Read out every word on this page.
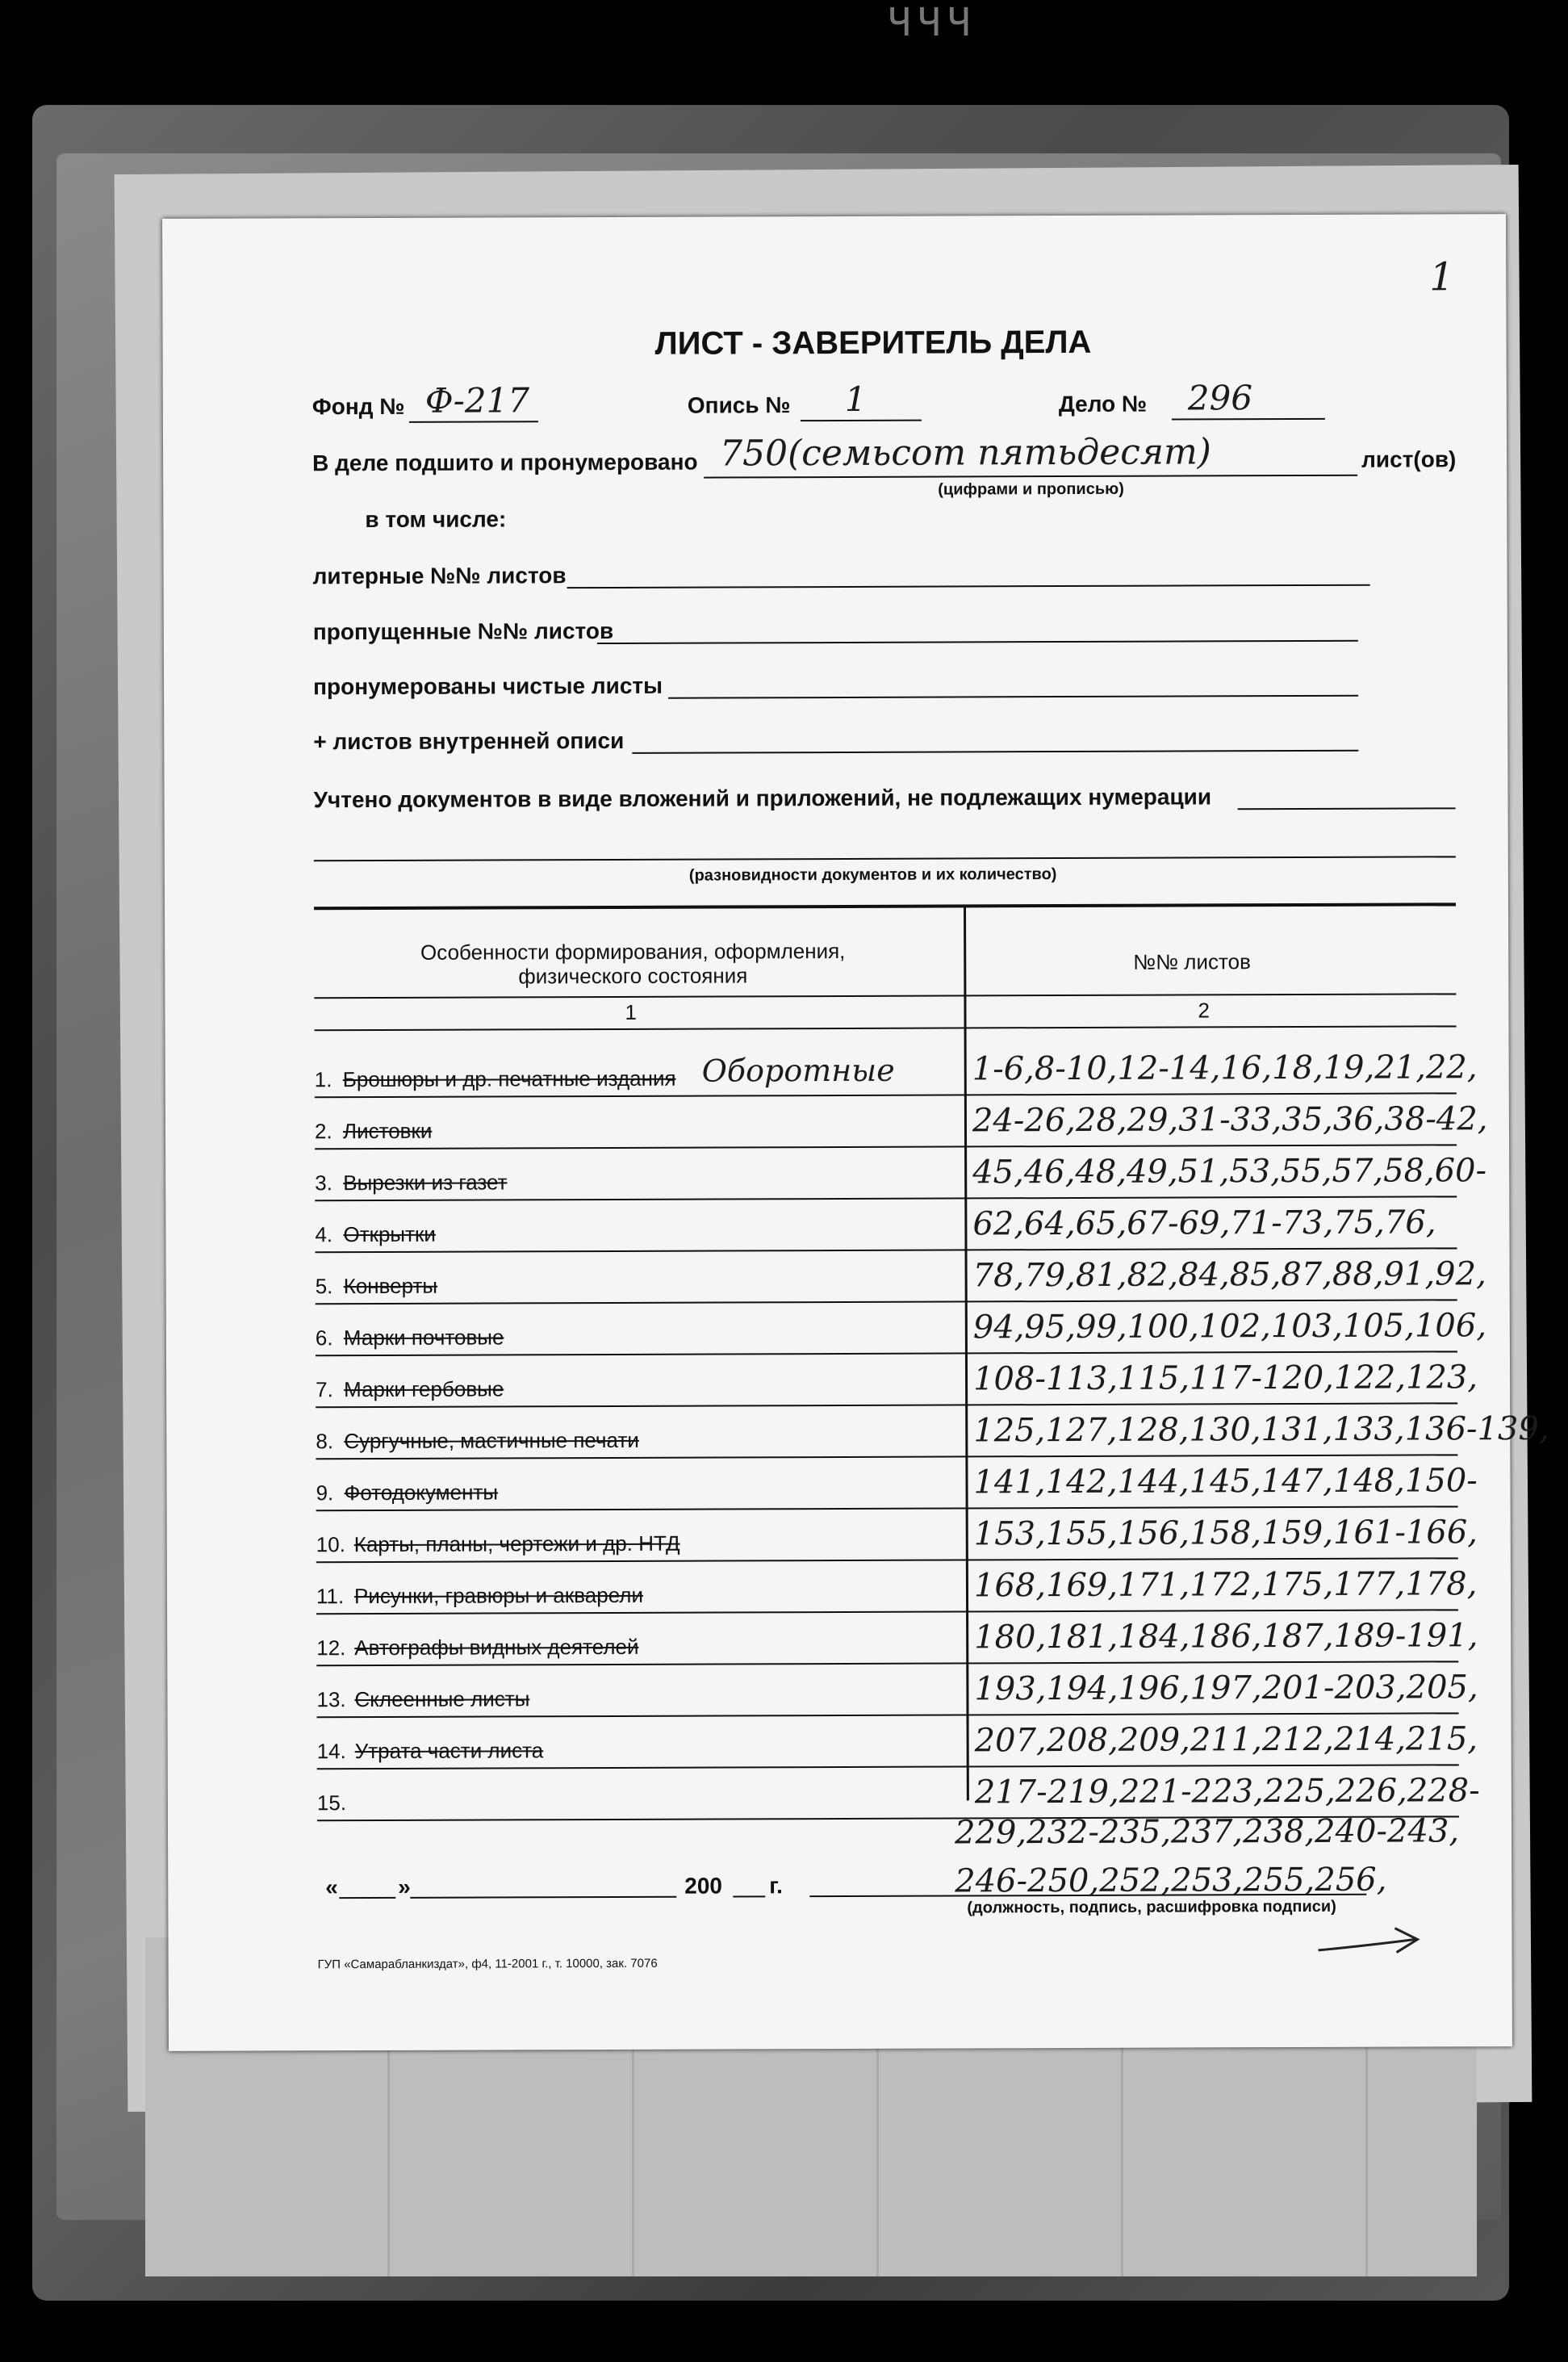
ЧЧЧ
1
ЛИСТ - ЗАВЕРИТЕЛЬ ДЕЛА
Фонд № Ф-217	Опись № 1	Дело № 296
В деле подшито и пронумеровано 750(семьсот пятьдесят)	лист(ов)
(цифрами и прописью)
в том числе:
литерные №№ листов
пропущенные №№ листов
пронумерованы чистые листы
+ листов внутренней описи
Учтено документов в виде вложений и приложений, не подлежащих нумерации
(разновидности документов и их количество)
Особенности формирования, оформления, физического состояния
№№ листов
1	2
1. Брошюры и др. печатные издания Оборотные 1-6,8-10,12-14,16,18,19,21,22,
2. Листовки	24-26,28,29,31-33,35,36,38-42,
3. Вырезки из газет	45,46,48,49,51,53,55,57,58,60-
4. Открытки	62,64,65,67-69,71-73,75,76,
5. Конверты	78,79,81,82,84,85,87,88,91,92,
6. Марки почтовые	94,95,99,100,102,103,105,106,
7. Марки гербовые	108-113,115,117-120,122,123,
8. Сургучные, мастичные печати	125,127,128,130,131,133,136-139,
9. Фотодокументы	141,142,144,145,147,148,150-
10. Карты, планы, чертежи и др. НТД	153,155,156,158,159,161-166,
11. Рисунки, гравюры и акварели	168,169,171,172,175,177,178,
12. Автографы видных деятелей	180,181,184,186,187,189-191,
13. Склеенные листы	193,194,196,197,201-203,205,
14. Утрата части листа	207,208,209,211,212,214,215,
15.	217-219,221-223,225,226,228-
229,232-235,237,238,240-243,
246-250,252,253,255,256,
«	»	200 г.
(должность, подпись, расшифровка подписи)
ГУП «Самарабланкиздат», ф4, 11-2001 г., т. 10000, зак. 7076
